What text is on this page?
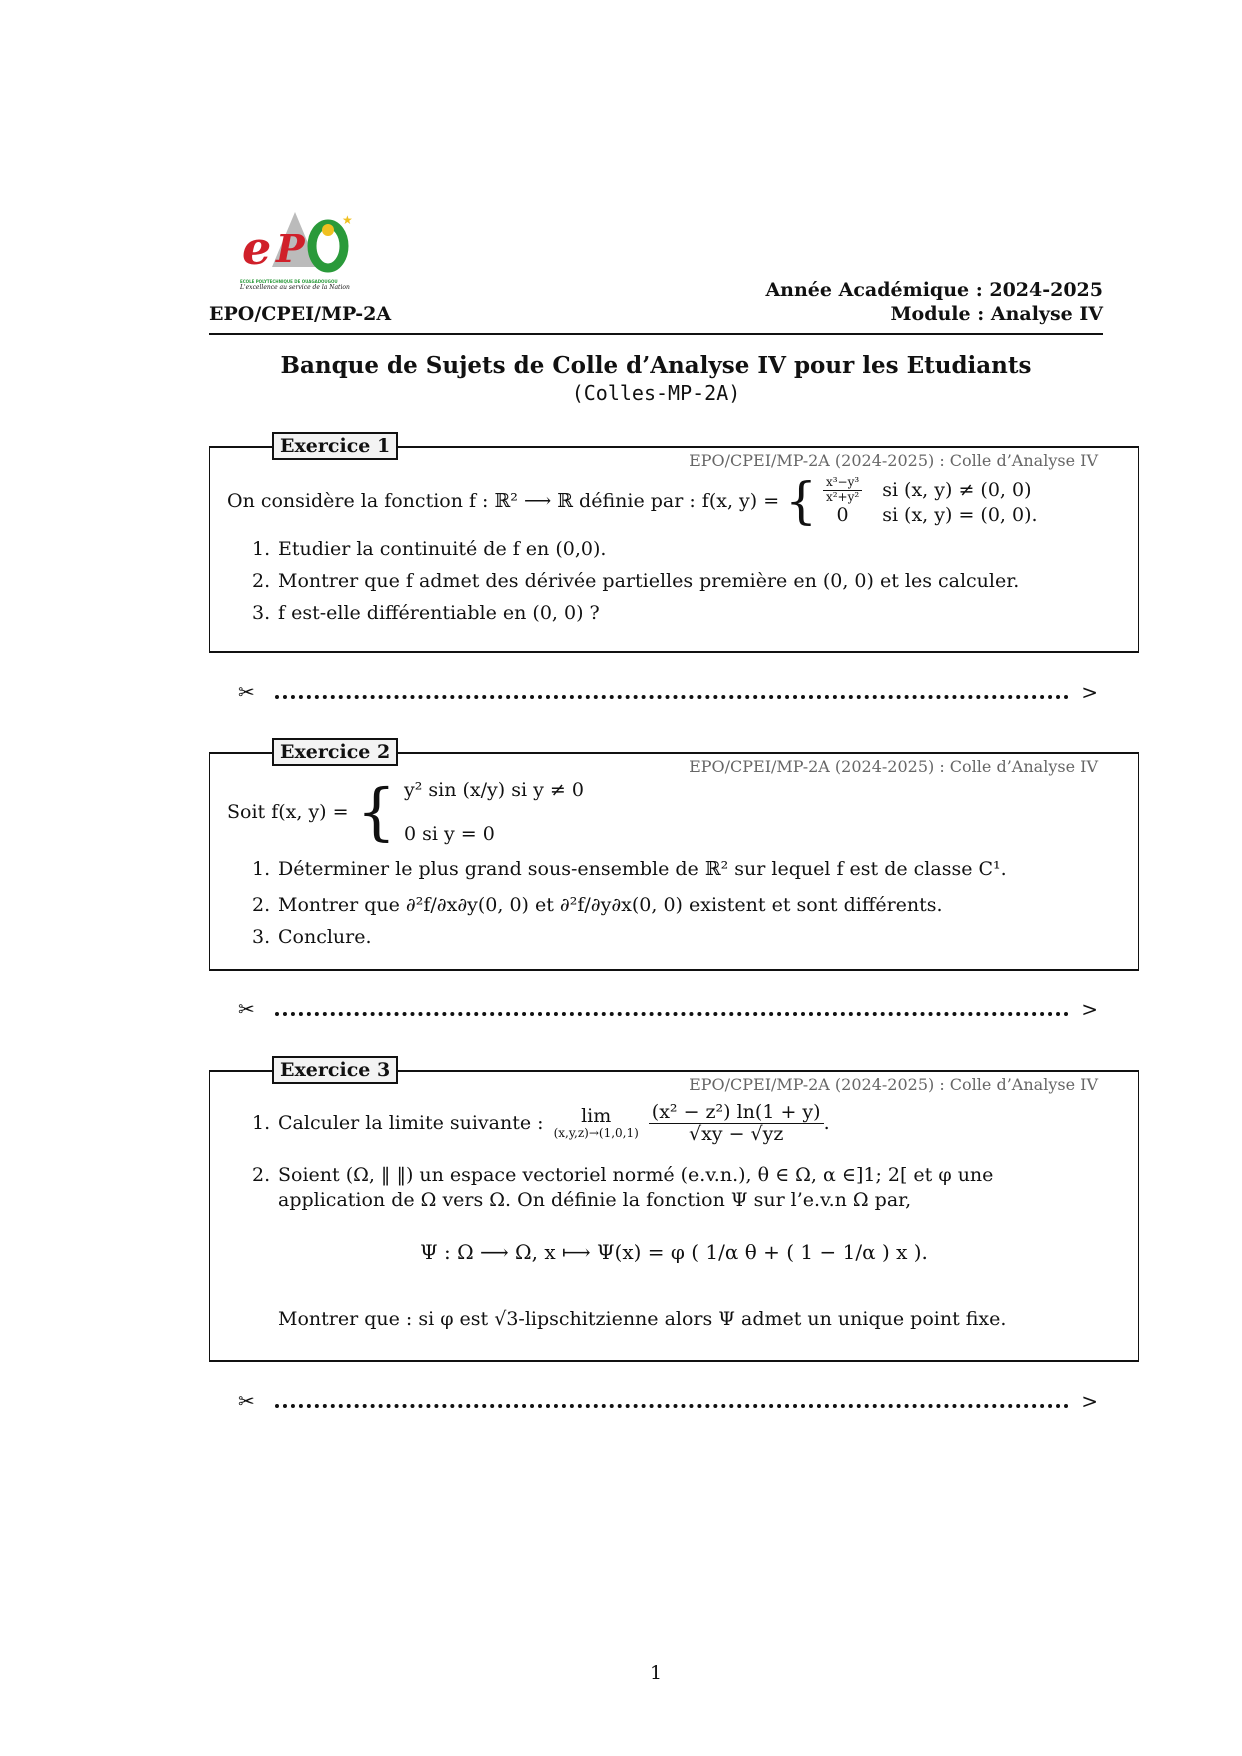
e P
★
ECOLE POLYTECHNIQUE DE OUAGADOUGOU
L'excellence au service de la Nation
EPO/CPEI/MP-2A
Année Académique : 2024-2025
Module : Analyse IV
Banque de Sujets de Colle d’Analyse IV pour les Etudiants
(Colles-MP-2A)
Exercice 1
EPO/CPEI/MP-2A (2024-2025) : Colle d’Analyse IV
On considère la fonction f : ℝ² ⟶ ℝ définie par : f(x, y) = { $\frac{\text{x³−y³}}{\text{x²+y²}}$ si (x, y) ≠ (0, 0)
0	si (x, y) = (0, 0).
1. Etudier la continuité de f en (0,0).
2. Montrer que f admet des dérivée partielles première en (0, 0) et les calculer.
3. f est-elle différentiable en (0, 0) ?
✂	>
Exercice 2
EPO/CPEI/MP-2A (2024-2025) : Colle d’Analyse IV
Soit f(x, y) = { y² sin (x/y) si y ≠ 0
0 si y = 0
1. Déterminer le plus grand sous-ensemble de ℝ² sur lequel f est de classe C¹.
2. Montrer que ∂²f/∂x∂y(0, 0) et ∂²f/∂y∂x(0, 0) existent et sont différents.
3. Conclure.
✂	>
Exercice 3
EPO/CPEI/MP-2A (2024-2025) : Colle d’Analyse IV
1. Calculer la limite suivante :	lim
$(x,y,z)\to(1,0,1) \frac{\text{(x² − z²) ln(1 + y)}}{√xy - √yz}$ .
2. Soient (Ω, ‖ ‖) un espace vectoriel normé (e.v.n.), θ ∈ Ω, α ∈]1; 2[ et φ une application de Ω vers Ω. On définie la fonction Ψ sur l’e.v.n Ω par,
Ψ : Ω ⟶ Ω, x ⟼ Ψ(x) = φ ( 1/α θ + ( 1 − 1/α ) x ).
Montrer que : si φ est √3-lipschitzienne alors Ψ admet un unique point fixe.
✂	>
1
